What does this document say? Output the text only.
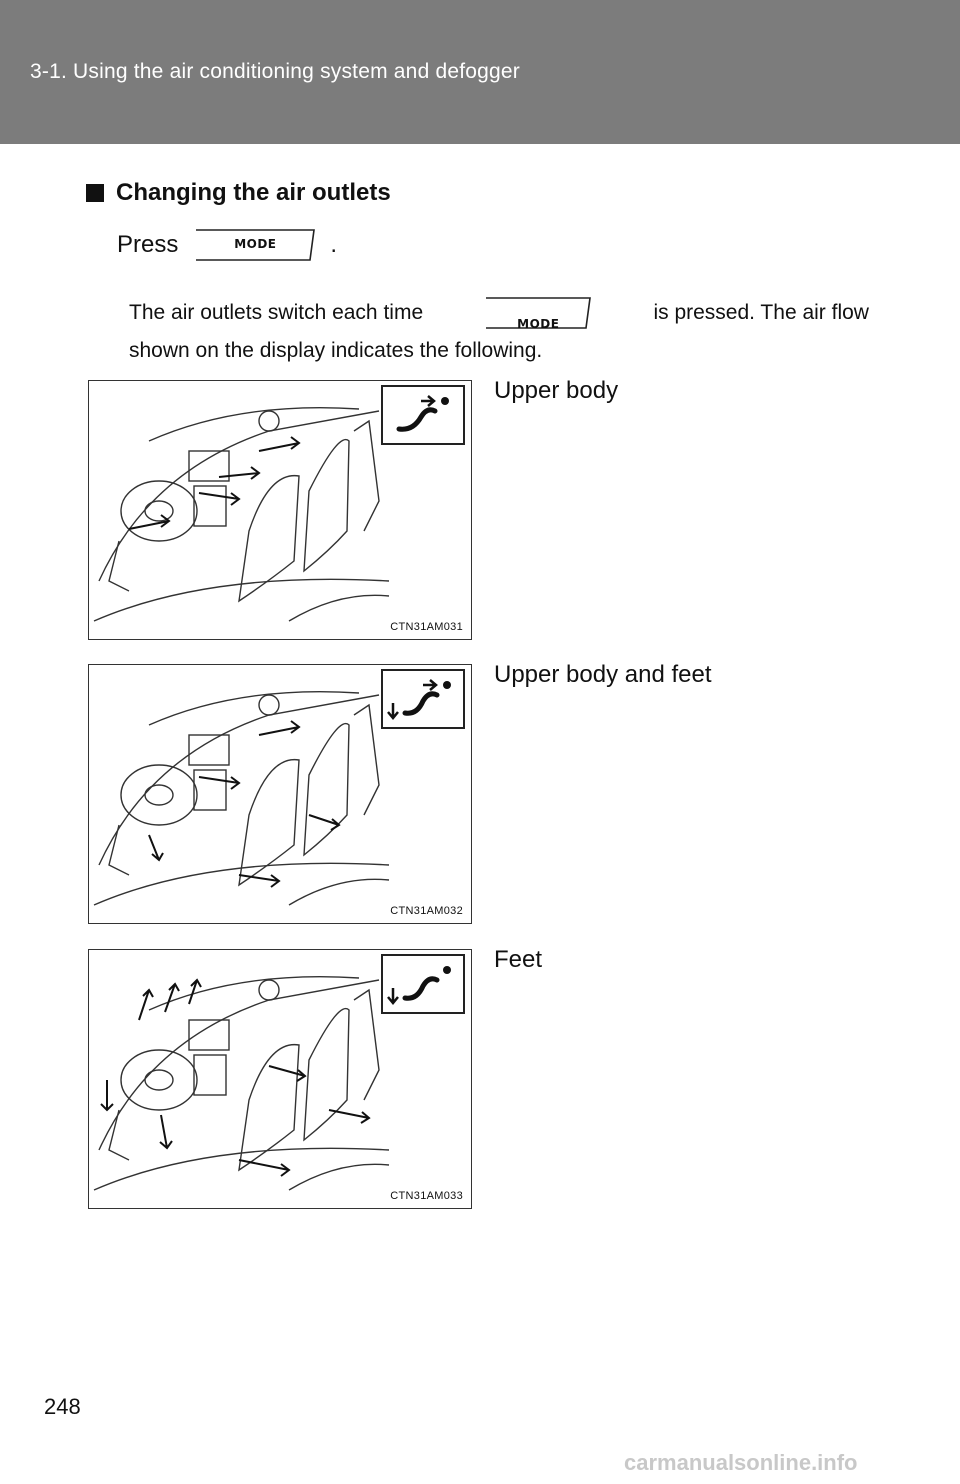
3-1. Using the air conditioning system and defogger
Changing the air outlets
Press	MODE	.
The air outlets switch each time	MODE	is pressed. The air flow
shown on the display indicates the following.
CTN31AM031
Upper body
CTN31AM032
Upper body and feet
CTN31AM033
Feet
248
carmanualsonline.info
